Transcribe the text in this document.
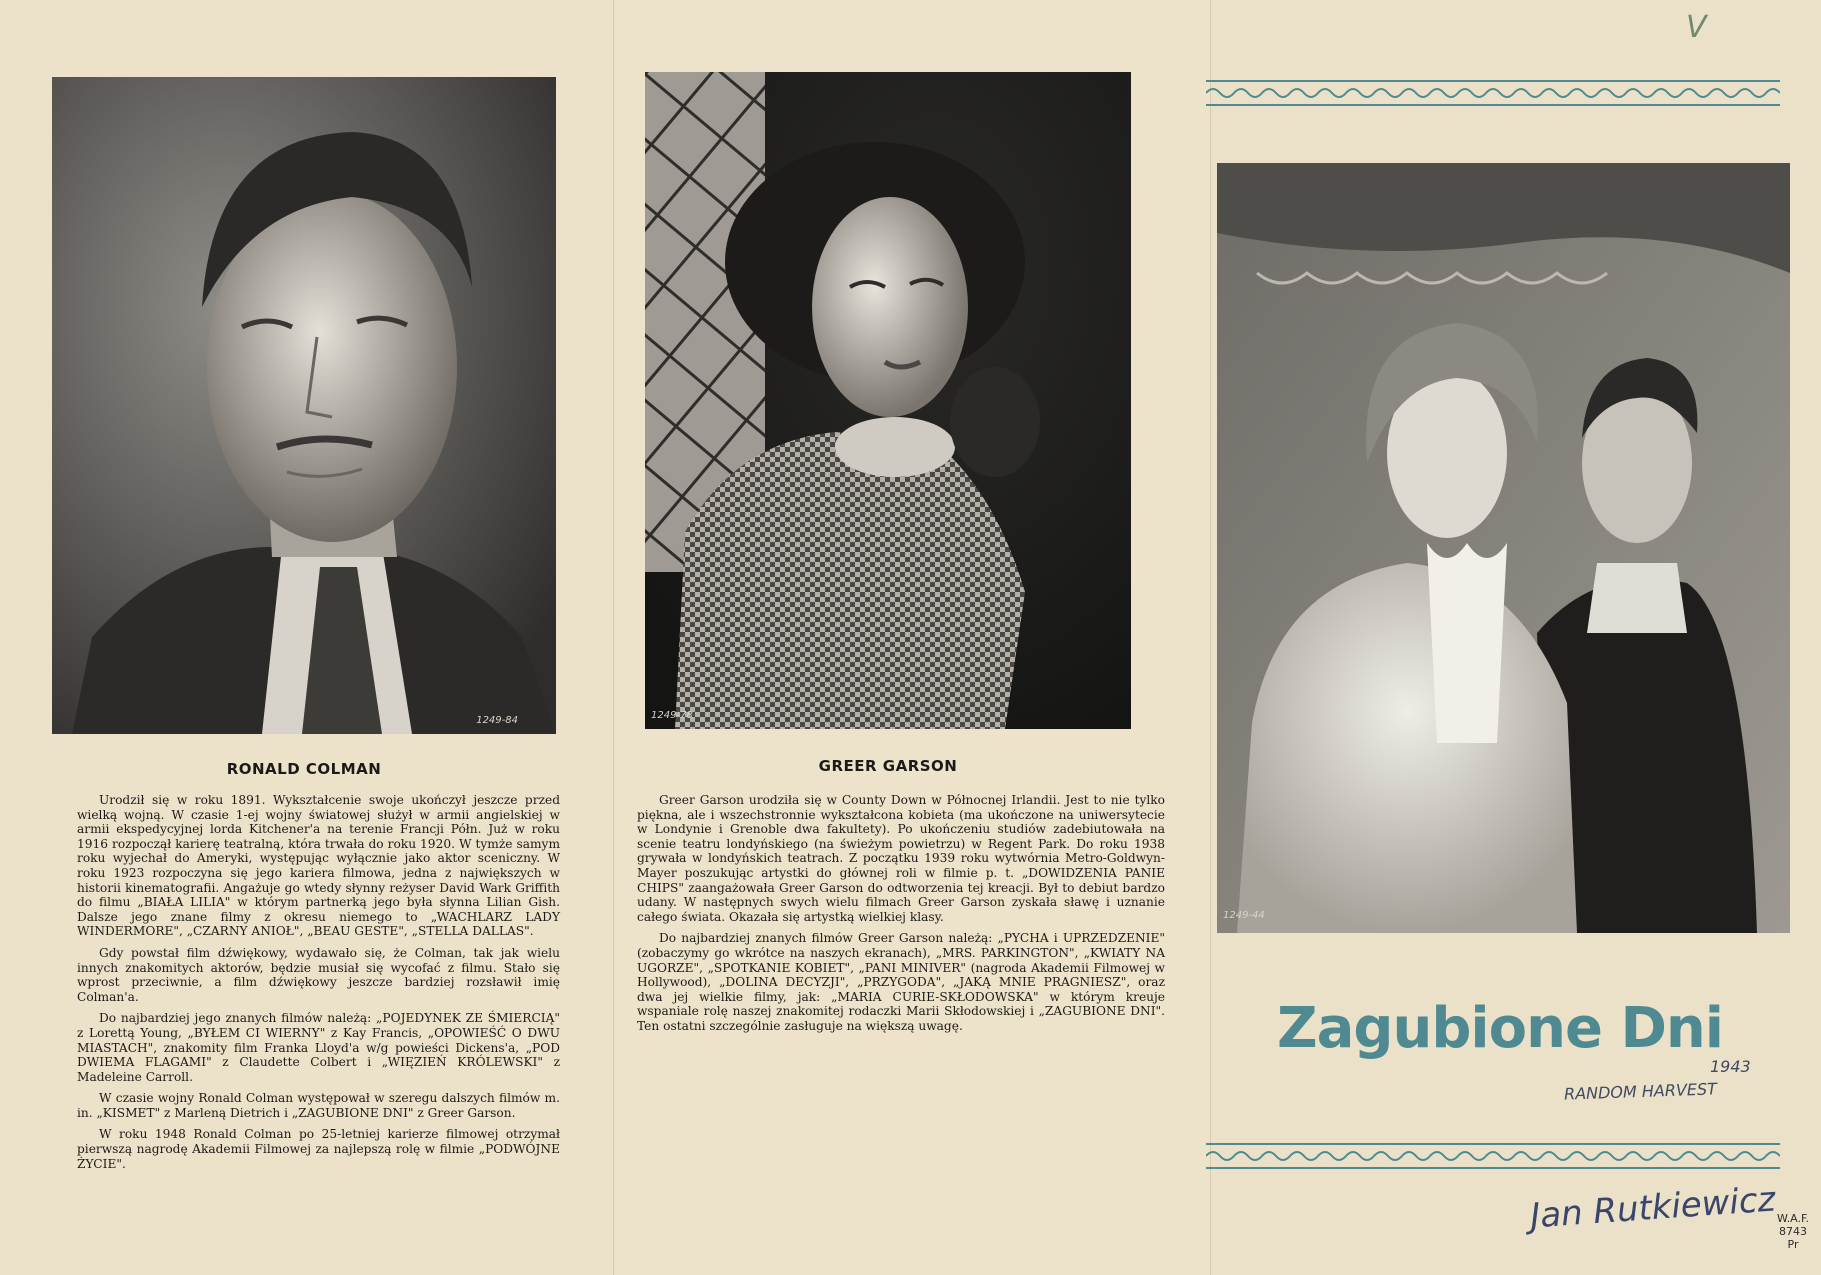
1249-84
RONALD COLMAN

Urodził się w roku 1891. Wykształcenie swoje ukończył jeszcze przed wielką wojną. W czasie 1-ej wojny światowej służył w armii angielskiej w armii ekspedycyjnej lorda Kitchener'a na terenie Francji Półn. Już w roku 1916 rozpoczął karierę teatralną, która trwała do roku 1920. W tymże samym roku wyjechał do Ameryki, występując wyłącznie jako aktor sceniczny. W roku 1923 rozpoczyna się jego kariera filmowa, jedna z największych w historii kinematografii. Angażuje go wtedy słynny reżyser David Wark Griffith do filmu „BIAŁA LILIA" w którym partnerką jego była słynna Lilian Gish. Dalsze jego znane filmy z okresu niemego to „WACHLARZ LADY WINDERMORE", „CZARNY ANIOŁ", „BEAU GESTE", „STELLA DALLAS".

Gdy powstał film dźwiękowy, wydawało się, że Colman, tak jak wielu innych znakomitych aktorów, będzie musiał się wycofać z filmu. Stało się wprost przeciwnie, a film dźwiękowy jeszcze bardziej rozsławił imię Colman'a.

Do najbardziej jego znanych filmów należą: „POJEDYNEK ZE ŚMIERCIĄ" z Lorettą Young, „BYŁEM CI WIERNY" z Kay Francis, „OPOWIEŚĆ O DWU MIASTACH", znakomity film Franka Lloyd'a w/g powieści Dickens'a, „POD DWIEMA FLAGAMI" z Claudette Colbert i „WIĘZIEŃ KRÓLEWSKI" z Madeleine Carroll.

W czasie wojny Ronald Colman występował w szeregu dalszych filmów m. in. „KISMET" z Marleną Dietrich i „ZAGUBIONE DNI" z Greer Garson.

W roku 1948 Ronald Colman po 25-letniej karierze filmowej otrzymał pierwszą nagrodę Akademii Filmowej za najlepszą rolę w filmie „PODWÓJNE ŻYCIE".

1249-78
GREER GARSON

Greer Garson urodziła się w County Down w Północnej Irlandii. Jest to nie tylko piękna, ale i wszechstronnie wykształcona kobieta (ma ukończone na uniwersytecie w Londynie i Grenoble dwa fakultety). Po ukończeniu studiów zadebiutowała na scenie teatru londyńskiego (na świeżym powietrzu) w Regent Park. Do roku 1938 grywała w londyńskich teatrach. Z początku 1939 roku wytwórnia Metro-Goldwyn-Mayer poszukując artystki do głównej roli w filmie p. t. „DOWIDZENIA PANIE CHIPS" zaangażowała Greer Garson do odtworzenia tej kreacji. Był to debiut bardzo udany. W następnych swych wielu filmach Greer Garson zyskała sławę i uznanie całego świata. Okazała się artystką wielkiej klasy.

Do najbardziej znanych filmów Greer Garson należą: „PYCHA i UPRZEDZENIE" (zobaczymy go wkrótce na naszych ekranach), „MRS. PARKINGTON", „KWIATY NA UGORZE", „SPOTKANIE KOBIET", „PANI MINIVER" (nagroda Akademii Filmowej w Hollywood), „DOLINA DECYZJI", „PRZYGODA", „JAKĄ MNIE PRAGNIESZ", oraz dwa jej wielkie filmy, jak: „MARIA CURIE-SKŁODOWSKA" w którym kreuje wspaniale rolę naszej znakomitej rodaczki Marii Skłodowskiej i „ZAGUBIONE DNI". Ten ostatni szczególnie zasługuje na większą uwagę.

1249-44
Zagubione Dni
V
1943
RANDOM HARVEST
Jan Rutkiewicz W.A.F.
8743
Pr
